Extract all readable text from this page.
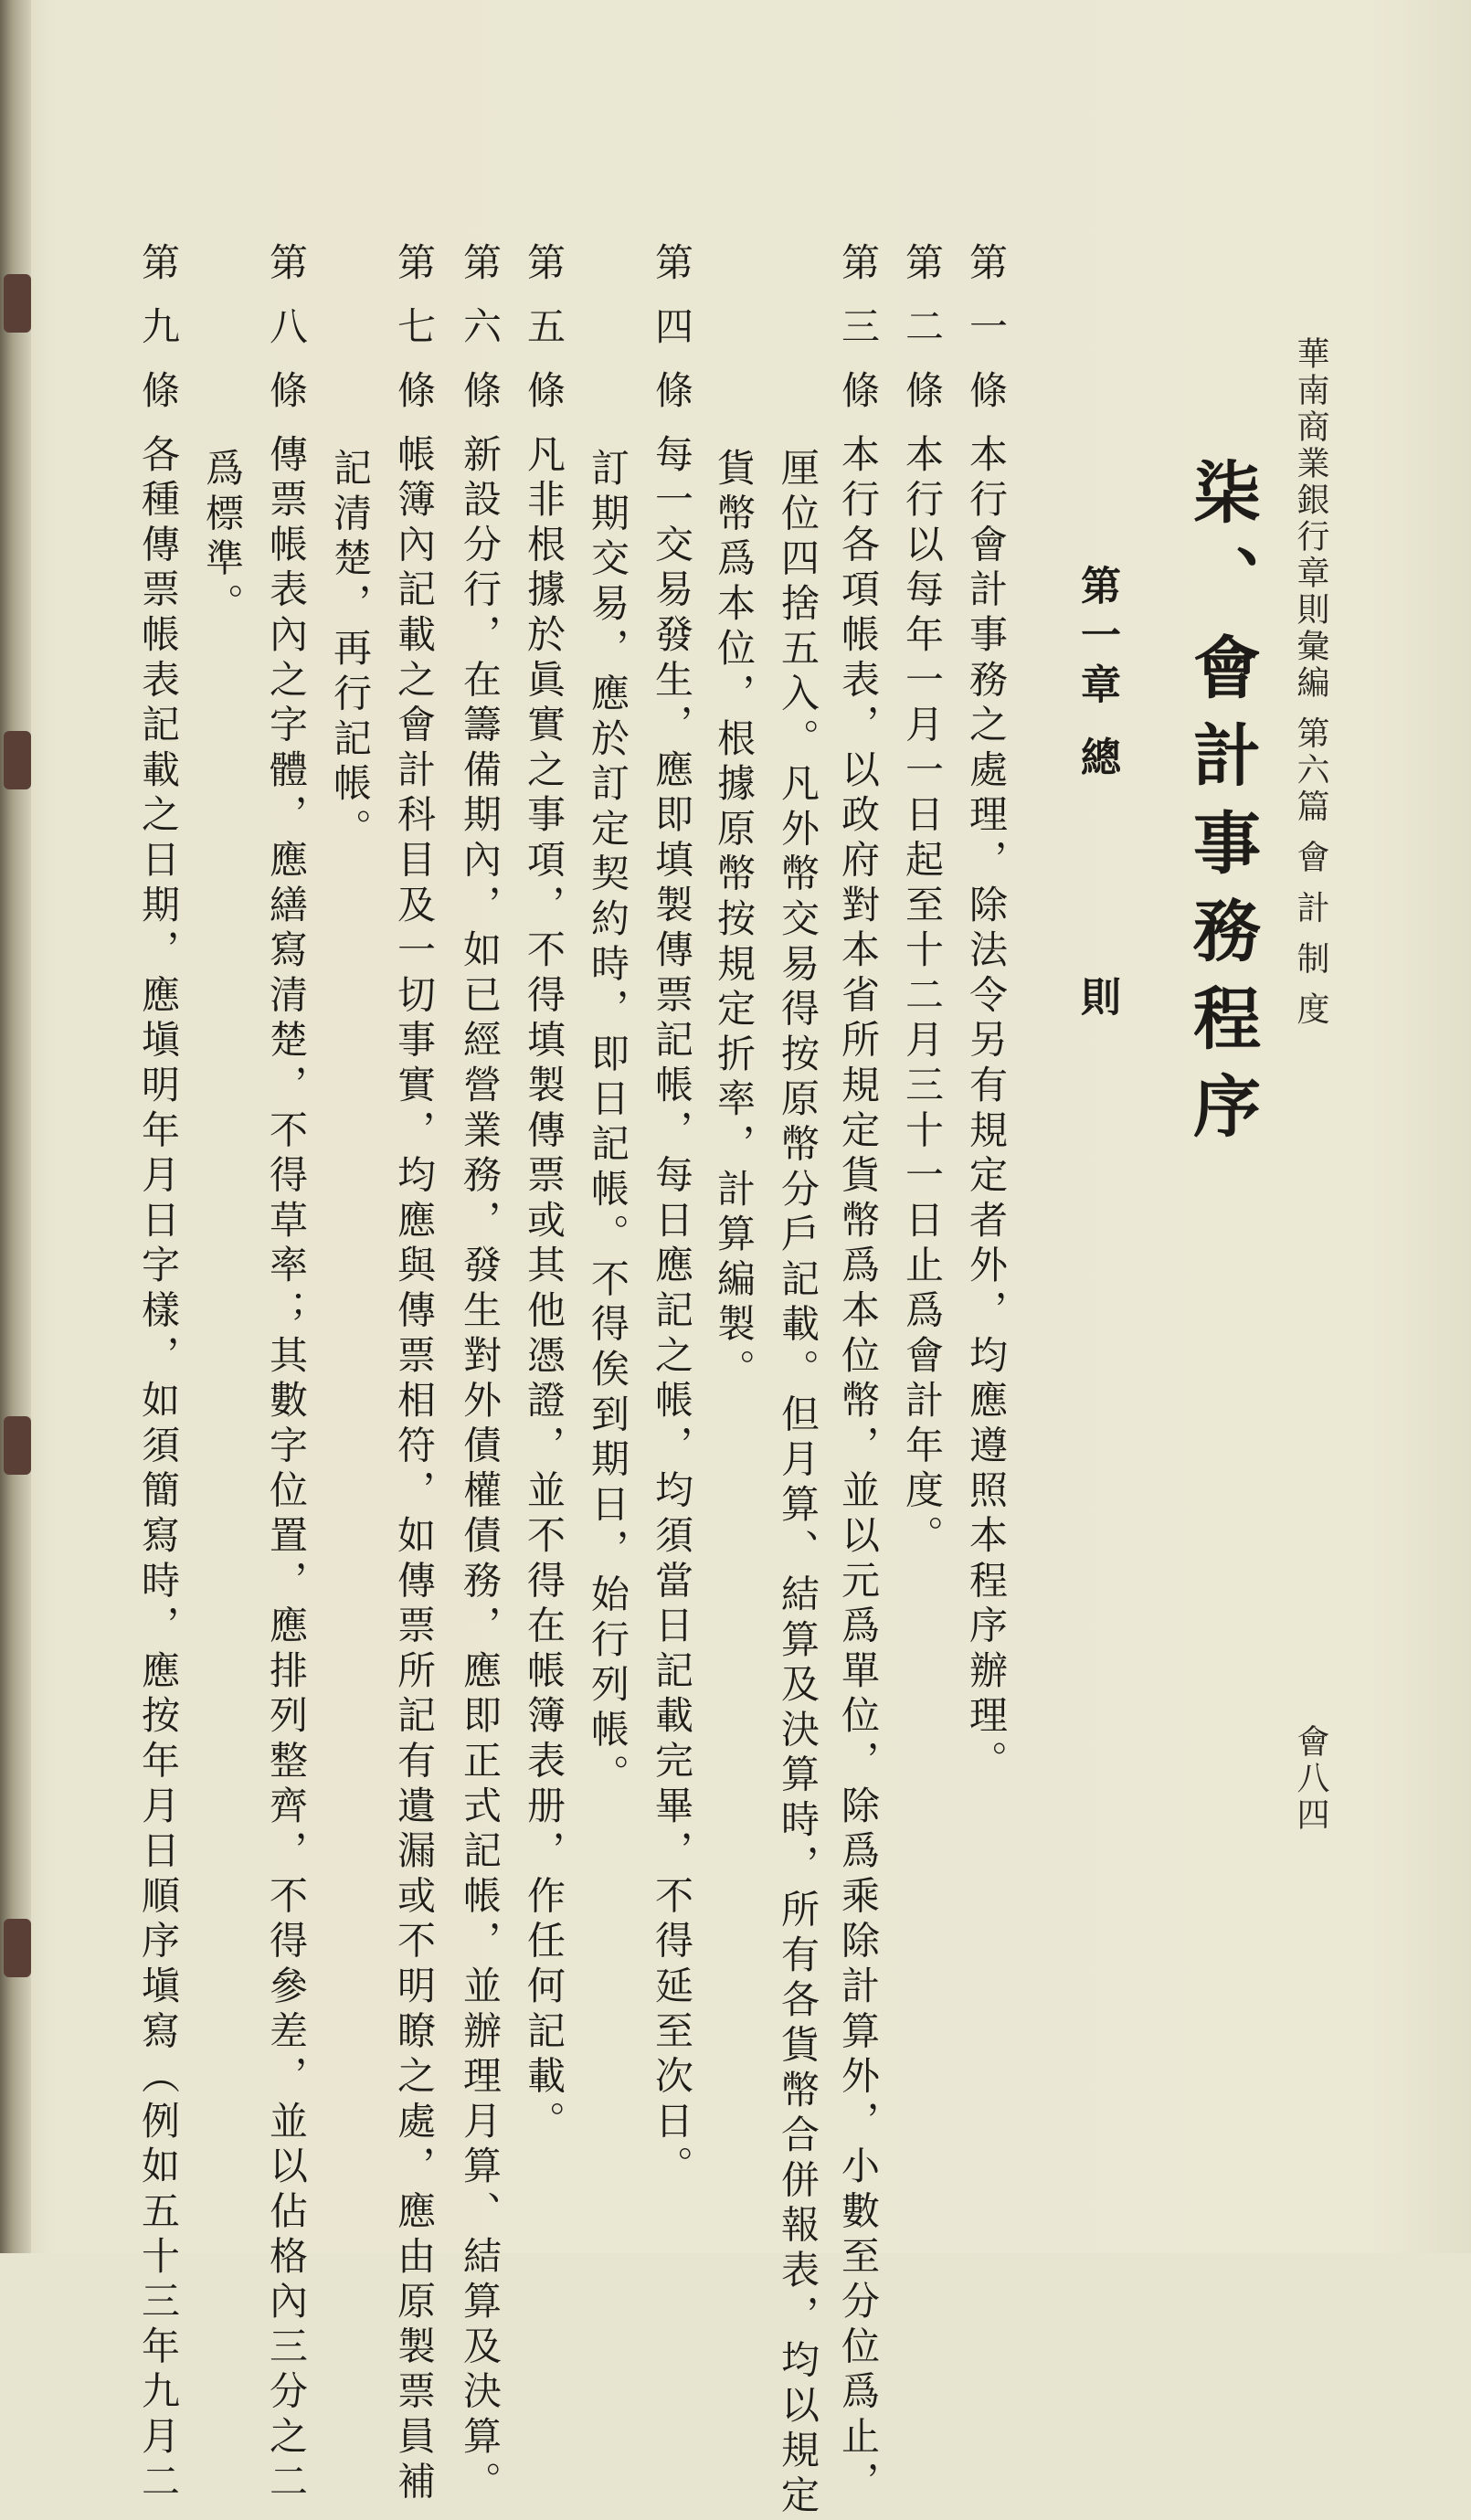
華南商業銀行章則彙編 第六篇 會 計 制 度
會八四
柒、會計事務程序
第一章 總
則
第 一 條 本行會計事務之處理，除法令另有規定者外，均應遵照本程序辦理。
第 二 條 本行以每年一月一日起至十二月三十一日止爲會計年度。
第 三 條 本行各項帳表，以政府對本省所規定貨幣爲本位幣，並以元爲單位，除爲乘除計算外，小數至分位爲止，
厘位四捨五入。凡外幣交易得按原幣分戶記載。但月算、結算及決算時，所有各貨幣合併報表，均以規定
貨幣爲本位，根據原幣按規定折率，計算編製。
第 四 條 每一交易發生，應即填製傳票記帳，每日應記之帳，均須當日記載完畢，不得延至次日。
訂期交易，應於訂定契約時，即日記帳。不得俟到期日，始行列帳。
第 五 條 凡非根據於眞實之事項，不得填製傳票或其他憑證，並不得在帳簿表册，作任何記載。
第 六 條 新設分行，在籌備期內，如已經營業務，發生對外債權債務，應即正式記帳，並辦理月算、結算及決算。
第 七 條 帳簿內記載之會計科目及一切事實，均應與傳票相符，如傳票所記有遺漏或不明瞭之處，應由原製票員補
記清楚，再行記帳。
第 八 條 傳票帳表內之字體，應繕寫清楚，不得草率；其數字位置，應排列整齊，不得參差，並以佔格內三分之二
爲標準。
第 九 條 各種傳票帳表記載之日期，應塡明年月日字樣，如須簡寫時，應按年月日順序塡寫（例如五十三年九月二
